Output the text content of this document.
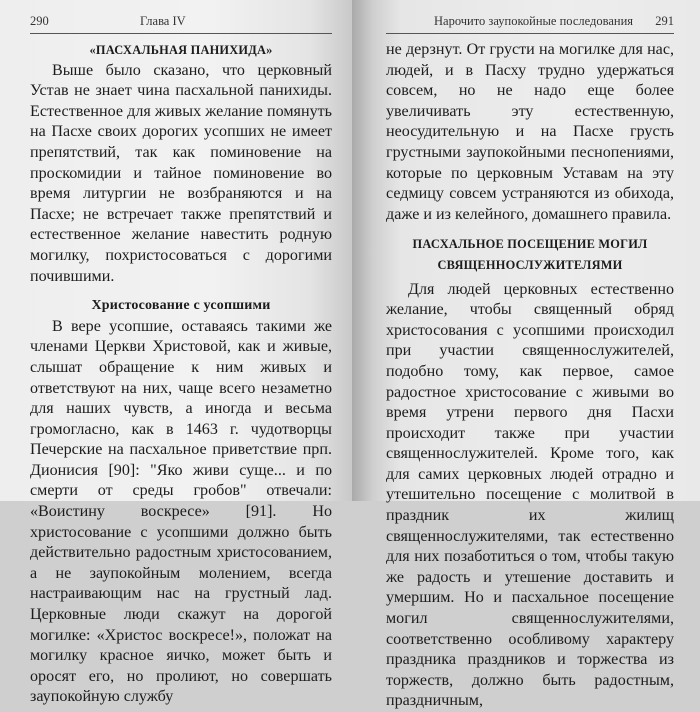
290	Глава IV

«ПАСХАЛЬНАЯ ПАНИХИДА»

Выше было сказано, что церковный Устав не знает чина пасхальной панихиды. Естественное для живых желание помянуть на Пасхе своих дорогих усопших не имеет препятствий, так как поминовение на проскомидии и тайное поминовение во время литургии не возбраняются и на Пасхе; не встречает также препятствий и естественное желание навестить родную могилку, похристосоваться с дорогими почившими.

Христосование с усопшими

В вере усопшие, оставаясь такими же членами Церкви Христовой, как и живые, слышат обращение к ним живых и ответствуют на них, чаще всего незаметно для наших чувств, а иногда и весьма громогласно, как в 1463 г. чудотворцы Печерские на пасхальное приветствие прп. Дионисия [90]: "Яко живи суще... и по смерти от среды гробов" отвечали: «Воистину воскресе» [91]. Но христосование с усопшими должно быть действительно радостным христосованием, а не заупокойным молением, всегда настраивающим нас на грустный лад. Церковные люди скажут на дорогой могилке: «Христос воскресе!», положат на могилку красное яичко, может быть и оросят его, но пролиют, но совершать заупокойную службу

Нарочито заупокойные последования 291

не дерзнут. От грусти на могилке для нас, людей, и в Пасху трудно удержаться совсем, но не надо еще более увеличивать эту естественную, неосудительную и на Пасхе грусть грустными заупокойными песнопениями, которые по церковным Уставам на эту седмицу совсем устраняются из обихода, даже и из келейного, домашнего правила.

ПАСХАЛЬНОЕ ПОСЕЩЕНИЕ МОГИЛ СВЯЩЕННОСЛУЖИТЕЛЯМИ

Для людей церковных естественно желание, чтобы священный обряд христосования с усопшими происходил при участии священнослужителей, подобно тому, как первое, самое радостное христосование с живыми во время утрени первого дня Пасхи происходит также при участии священнослужителей. Кроме того, как для самих церковных людей отрадно и утешительно посещение с молитвой в праздник их жилищ священнослужителями, так естественно для них позаботиться о том, чтобы такую же радость и утешение доставить и умершим. Но и пасхальное посещение могил священнослужителями, соответственно особливому характеру праздника праздников и торжества из торжеств, должно быть радостным, праздничным,
